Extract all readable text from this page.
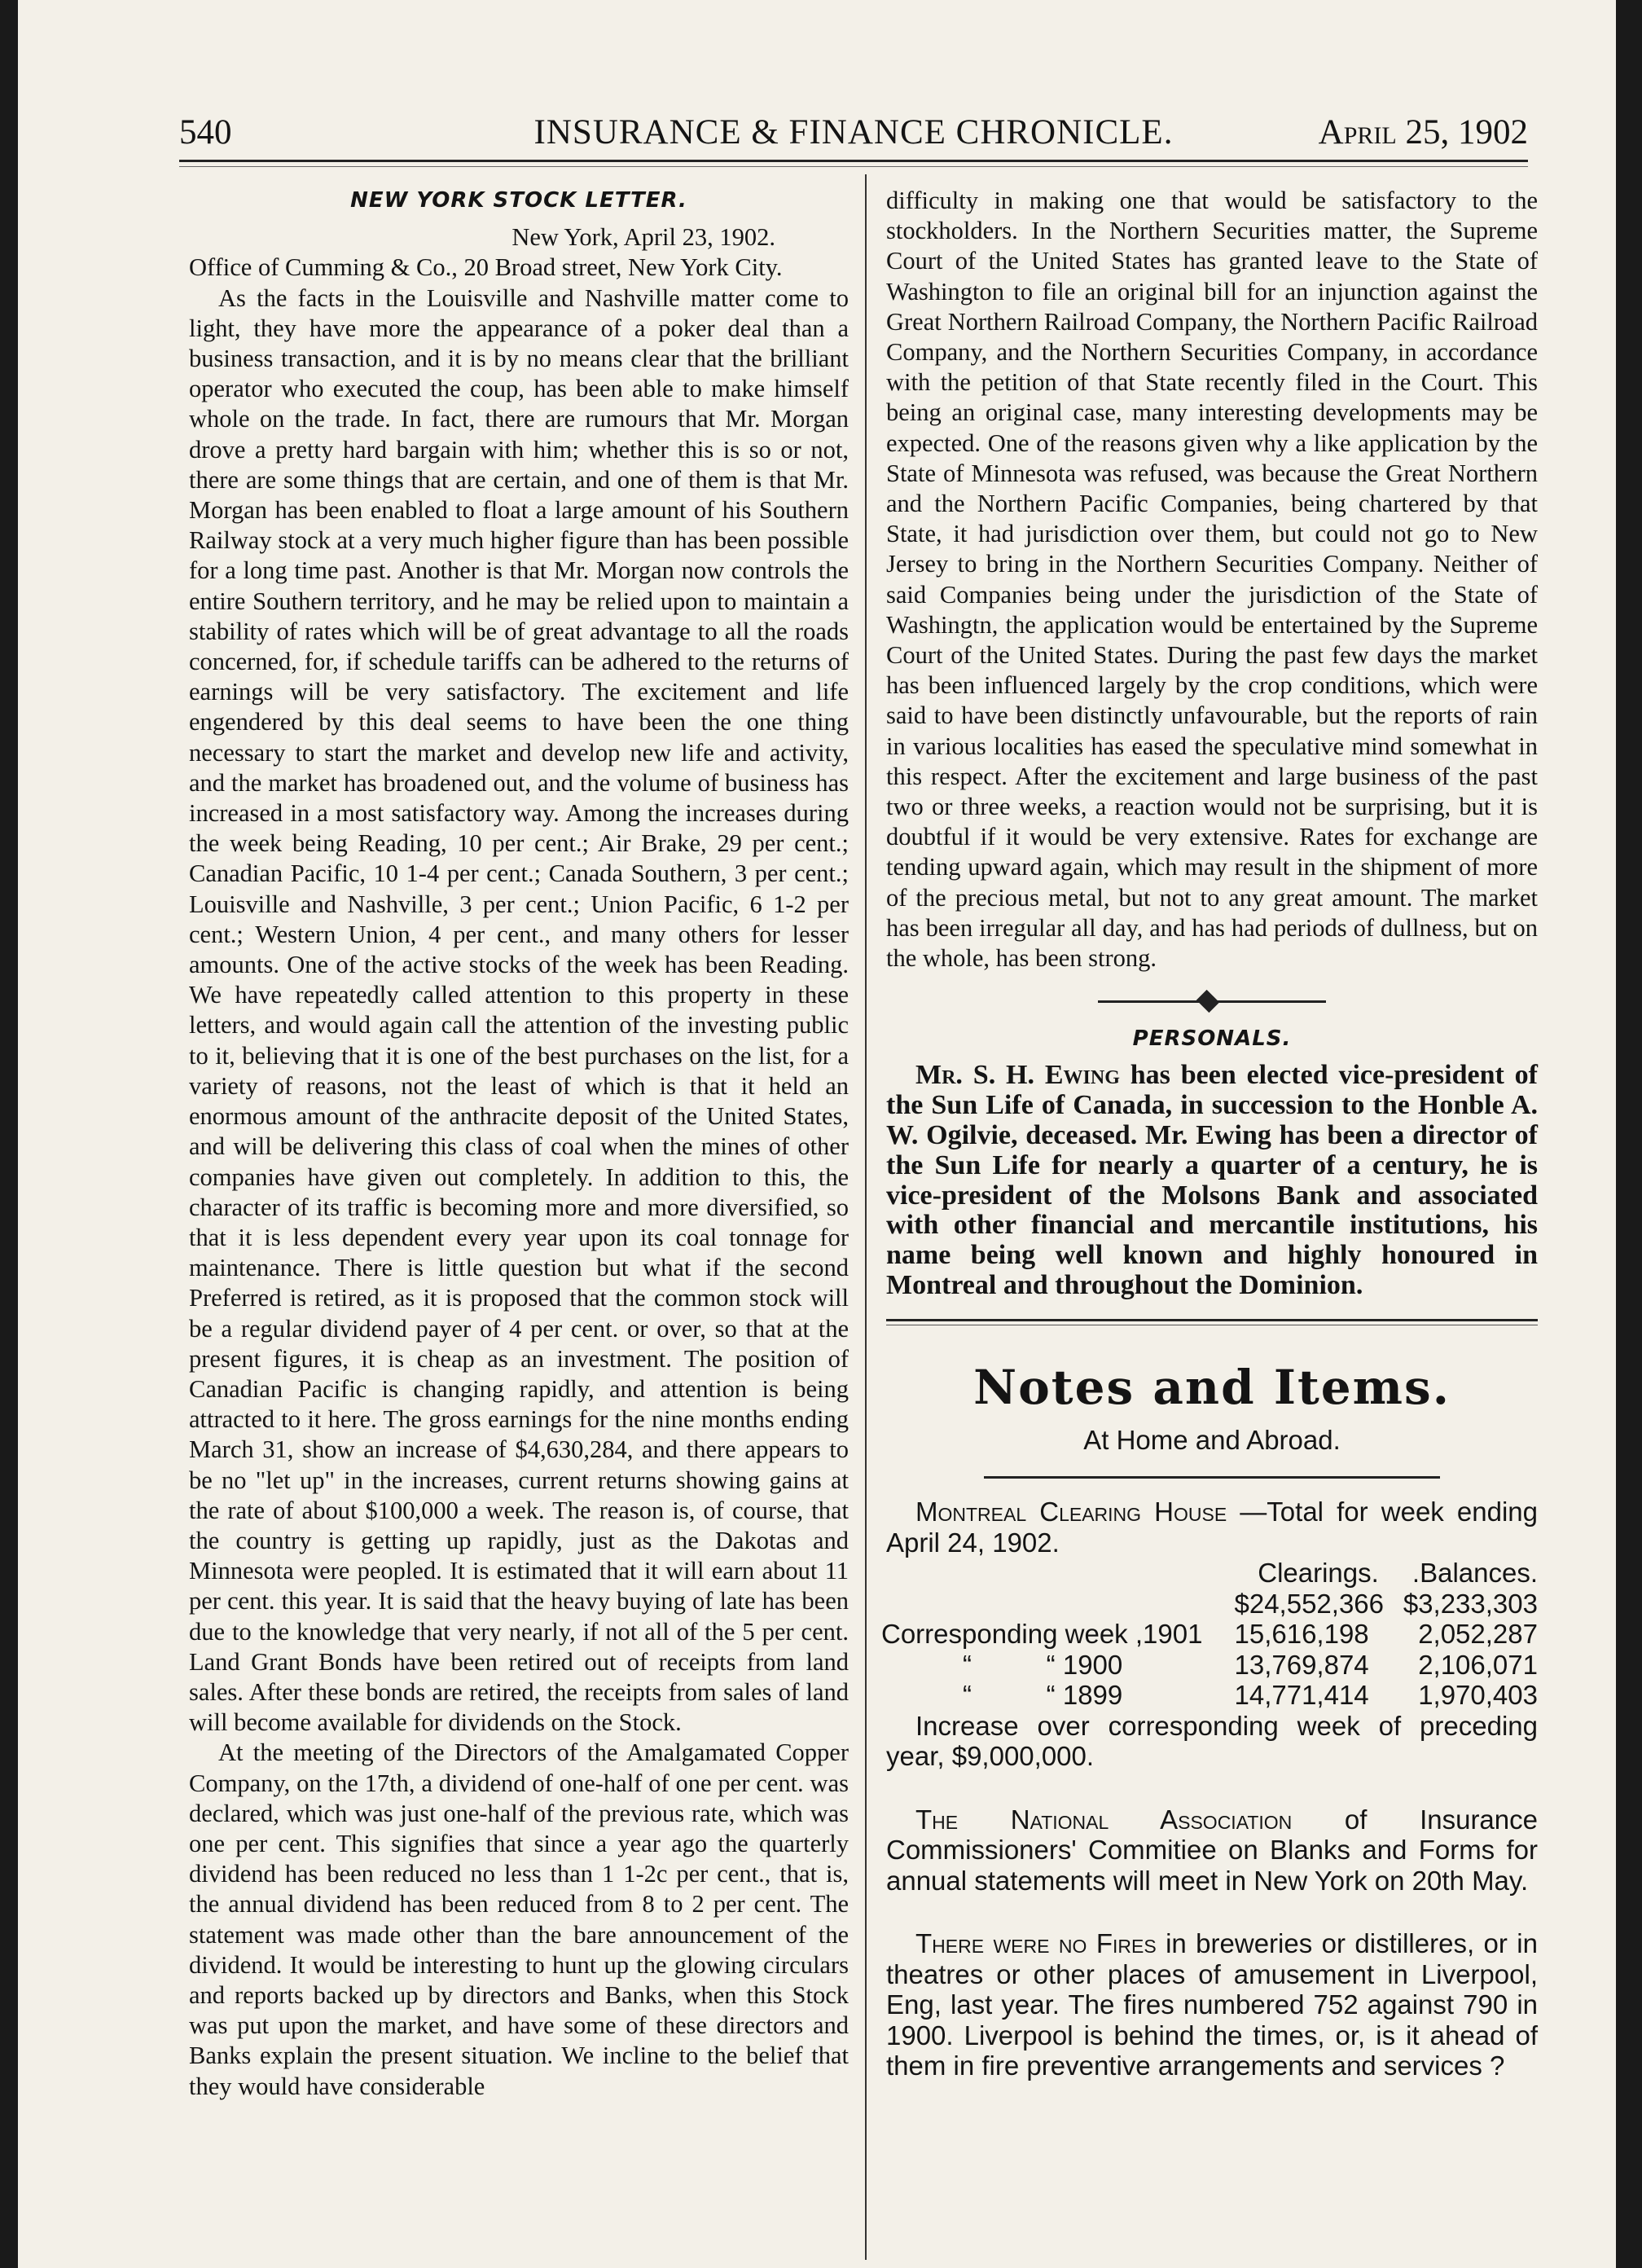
540	INSURANCE & FINANCE CHRONICLE.	April 25, 1902
NEW YORK STOCK LETTER.

New York, April 23, 1902.

Office of Cumming & Co., 20 Broad street, New York City.

As the facts in the Louisville and Nashville matter come to light, they have more the appearance of a poker deal than a business transaction, and it is by no means clear that the brilliant operator who executed the coup, has been able to make himself whole on the trade. In fact, there are rumours that Mr. Morgan drove a pretty hard bargain with him; whether this is so or not, there are some things that are certain, and one of them is that Mr. Morgan has been enabled to float a large amount of his Southern Railway stock at a very much higher figure than has been possible for a long time past. Another is that Mr. Morgan now controls the entire Southern territory, and he may be relied upon to maintain a stability of rates which will be of great advantage to all the roads concerned, for, if schedule tariffs can be adhered to the returns of earnings will be very satisfactory. The excitement and life engendered by this deal seems to have been the one thing necessary to start the market and develop new life and activity, and the market has broadened out, and the volume of business has increased in a most satisfactory way. Among the increases during the week being Reading, 10 per cent.; Air Brake, 29 per cent.; Canadian Pacific, 10 1-4 per cent.; Canada Southern, 3 per cent.; Louisville and Nashville, 3 per cent.; Union Pacific, 6 1-2 per cent.; Western Union, 4 per cent., and many others for lesser amounts. One of the active stocks of the week has been Reading. We have repeatedly called attention to this property in these letters, and would again call the attention of the investing public to it, believing that it is one of the best purchases on the list, for a variety of reasons, not the least of which is that it held an enormous amount of the anthracite deposit of the United States, and will be delivering this class of coal when the mines of other companies have given out completely. In addition to this, the character of its traffic is becoming more and more diversified, so that it is less dependent every year upon its coal tonnage for maintenance. There is little question but what if the second Preferred is retired, as it is proposed that the common stock will be a regular dividend payer of 4 per cent. or over, so that at the present figures, it is cheap as an investment. The position of Canadian Pacific is changing rapidly, and attention is being attracted to it here. The gross earnings for the nine months ending March 31, show an increase of $4,630,284, and there appears to be no "let up" in the increases, current returns showing gains at the rate of about $100,000 a week. The reason is, of course, that the country is getting up rapidly, just as the Dakotas and Minnesota were peopled. It is estimated that it will earn about 11 per cent. this year. It is said that the heavy buying of late has been due to the knowledge that very nearly, if not all of the 5 per cent. Land Grant Bonds have been retired out of receipts from land sales. After these bonds are retired, the receipts from sales of land will become available for dividends on the Stock.

At the meeting of the Directors of the Amalgamated Copper Company, on the 17th, a dividend of one-half of one per cent. was declared, which was just one-half of the previous rate, which was one per cent. This signifies that since a year ago the quarterly dividend has been reduced no less than 1 1-2c per cent., that is, the annual dividend has been reduced from 8 to 2 per cent. The statement was made other than the bare announcement of the dividend. It would be interesting to hunt up the glowing circulars and reports backed up by directors and Banks, when this Stock was put upon the market, and have some of these directors and Banks explain the present situation. We incline to the belief that they would have considerable

difficulty in making one that would be satisfactory to the stockholders. In the Northern Securities matter, the Supreme Court of the United States has granted leave to the State of Washington to file an original bill for an injunction against the Great Northern Railroad Company, the Northern Pacific Railroad Company, and the Northern Securities Company, in accordance with the petition of that State recently filed in the Court. This being an original case, many interesting developments may be expected. One of the reasons given why a like application by the State of Minnesota was refused, was because the Great Northern and the Northern Pacific Companies, being chartered by that State, it had jurisdiction over them, but could not go to New Jersey to bring in the Northern Securities Company. Neither of said Companies being under the jurisdiction of the State of Washingtn, the application would be entertained by the Supreme Court of the United States. During the past few days the market has been influenced largely by the crop conditions, which were said to have been distinctly unfavourable, but the reports of rain in various localities has eased the speculative mind somewhat in this respect. After the excitement and large business of the past two or three weeks, a reaction would not be surprising, but it is doubtful if it would be very extensive. Rates for exchange are tending upward again, which may result in the shipment of more of the precious metal, but not to any great amount. The market has been irregular all day, and has had periods of dullness, but on the whole, has been strong.

PERSONALS.

Mr. S. H. Ewing has been elected vice-president of the Sun Life of Canada, in succession to the Honble A. W. Ogilvie, deceased. Mr. Ewing has been a director of the Sun Life for nearly a quarter of a century, he is vice-president of the Molsons Bank and associated with other financial and mercantile institutions, his name being well known and highly honoured in Montreal and throughout the Dominion.

Notes and Items.
At Home and Abroad.

Montreal Clearing House —Total for week ending April 24, 1902.

	Clearings.	.Balances.
	$24,552,366	$3,233,303
Corresponding week ,1901	15,616,198	2,052,287
“          “ 1900	13,769,874	2,106,071
“          “ 1899	14,771,414	1,970,403

Increase over corresponding week of preceding year, $9,000,000.

The National Association of Insurance Commissioners' Commitiee on Blanks and Forms for annual statements will meet in New York on 20th May.

There were no Fires in breweries or distilleres, or in theatres or other places of amusement in Liverpool, Eng, last year. The fires numbered 752 against 790 in 1900. Liverpool is behind the times, or, is it ahead of them in fire preventive arrangements and services ?
